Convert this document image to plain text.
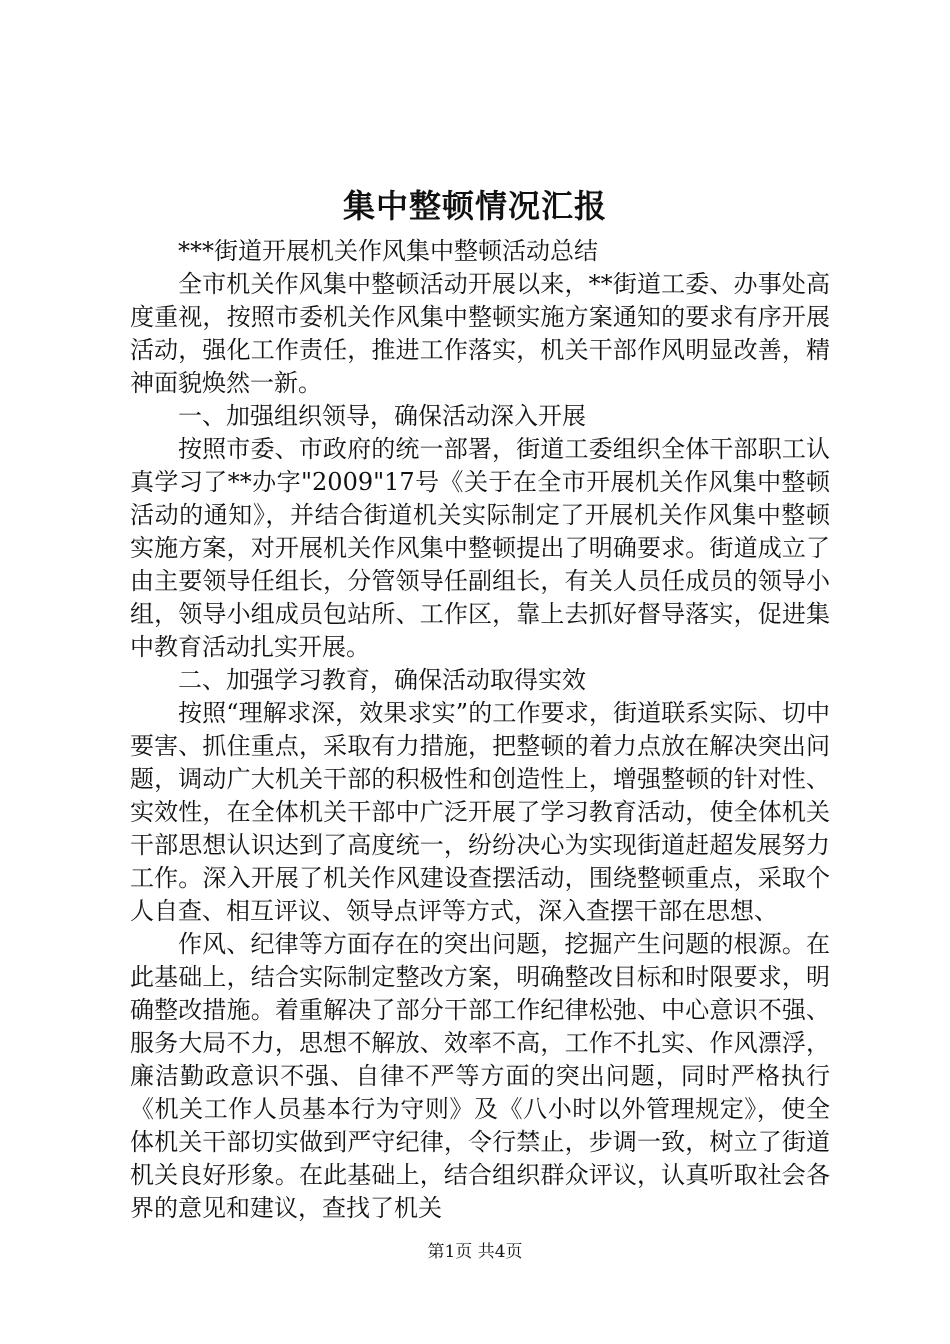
集中整顿情况汇报

***街道开展机关作风集中整顿活动总结

全市机关作风集中整顿活动开展以来，**街道工委、办事处高度重视，按照市委机关作风集中整顿实施方案通知的要求有序开展活动，强化工作责任，推进工作落实，机关干部作风明显改善，精神面貌焕然一新。

一、加强组织领导，确保活动深入开展

按照市委、市政府的统一部署，街道工委组织全体干部职工认真学习了**办字"2009"17号《关于在全市开展机关作风集中整顿活动的通知》，并结合街道机关实际制定了开展机关作风集中整顿实施方案，对开展机关作风集中整顿提出了明确要求。街道成立了由主要领导任组长，分管领导任副组长，有关人员任成员的领导小组，领导小组成员包站所、工作区，靠上去抓好督导落实，促进集中教育活动扎实开展。

二、加强学习教育，确保活动取得实效

按照“理解求深，效果求实”的工作要求，街道联系实际、切中要害、抓住重点，采取有力措施，把整顿的着力点放在解决突出问题，调动广大机关干部的积极性和创造性上，增强整顿的针对性、实效性，在全体机关干部中广泛开展了学习教育活动，使全体机关干部思想认识达到了高度统一，纷纷决心为实现街道赶超发展努力工作。深入开展了机关作风建设查摆活动，围绕整顿重点，采取个人自查、相互评议、领导点评等方式，深入查摆干部在思想、

作风、纪律等方面存在的突出问题，挖掘产生问题的根源。在此基础上，结合实际制定整改方案，明确整改目标和时限要求，明确整改措施。着重解决了部分干部工作纪律松弛、中心意识不强、服务大局不力，思想不解放、效率不高，工作不扎实、作风漂浮，廉洁勤政意识不强、自律不严等方面的突出问题，同时严格执行《机关工作人员基本行为守则》及《八小时以外管理规定》，使全体机关干部切实做到严守纪律，令行禁止，步调一致，树立了街道机关良好形象。在此基础上，结合组织群众评议，认真听取社会各界的意见和建议，查找了机关

第1页 共4页
